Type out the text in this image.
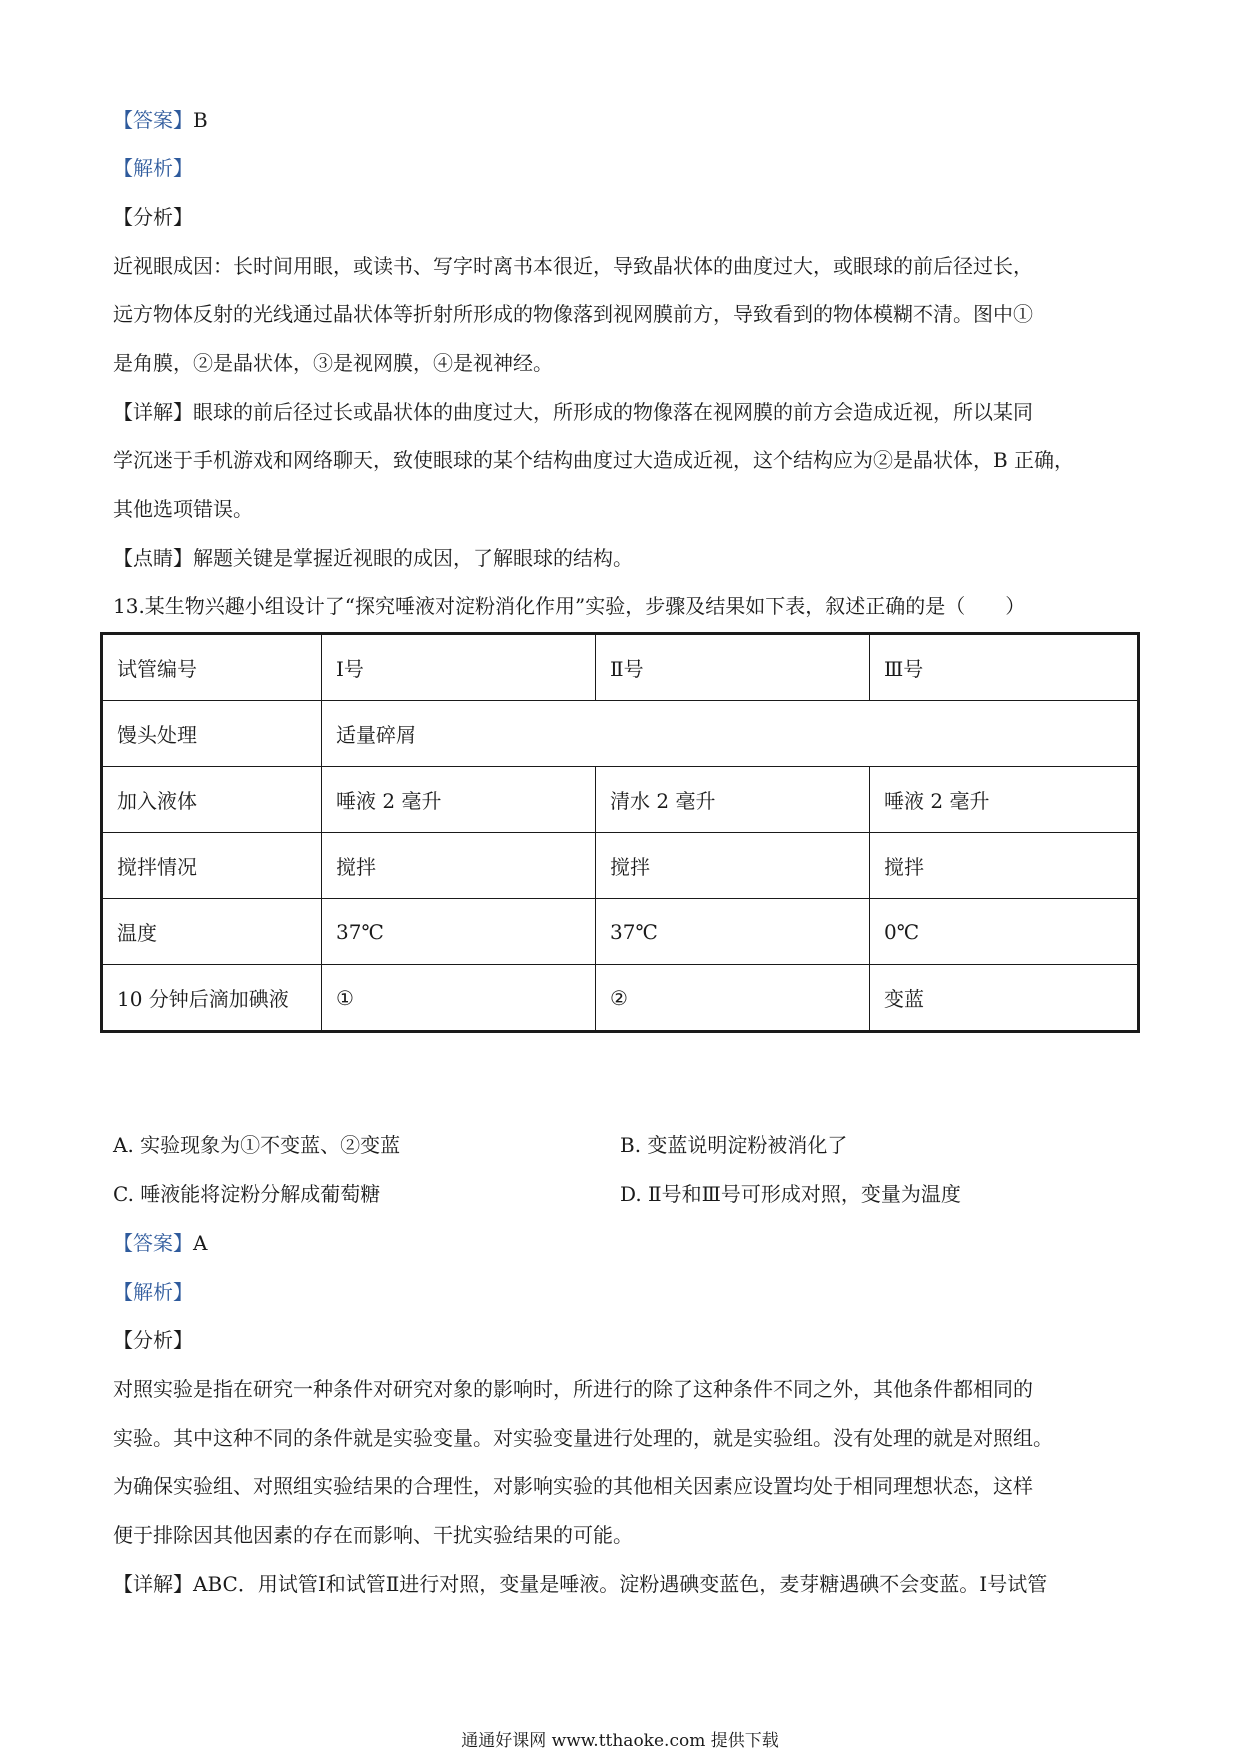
【答案】B
【解析】
【分析】
近视眼成因：长时间用眼，或读书、写字时离书本很近，导致晶状体的曲度过大，或眼球的前后径过长，
远方物体反射的光线通过晶状体等折射所形成的物像落到视网膜前方，导致看到的物体模糊不清。图中①
是角膜，②是晶状体，③是视网膜，④是视神经。
【详解】眼球的前后径过长或晶状体的曲度过大，所形成的物像落在视网膜的前方会造成近视，所以某同
学沉迷于手机游戏和网络聊天，致使眼球的某个结构曲度过大造成近视，这个结构应为②是晶状体，B 正确，
其他选项错误。
【点睛】解题关键是掌握近视眼的成因，了解眼球的结构。
13.某生物兴趣小组设计了“探究唾液对淀粉消化作用”实验，步骤及结果如下表，叙述正确的是（　　）
试管编号	Ⅰ号	Ⅱ号	Ⅲ号
馒头处理	适量碎屑		
加入液体	唾液 2 毫升	清水 2 毫升	唾液 2 毫升
搅拌情况	搅拌	搅拌	搅拌
温度	37℃	37℃	0℃
10 分钟后滴加碘液	①	②	变蓝
A. 实验现象为①不变蓝、②变蓝	B. 变蓝说明淀粉被消化了
C. 唾液能将淀粉分解成葡萄糖	D. Ⅱ号和Ⅲ号可形成对照，变量为温度
【答案】A
【解析】
【分析】
对照实验是指在研究一种条件对研究对象的影响时，所进行的除了这种条件不同之外，其他条件都相同的
实验。其中这种不同的条件就是实验变量。对实验变量进行处理的，就是实验组。没有处理的就是对照组。
为确保实验组、对照组实验结果的合理性，对影响实验的其他相关因素应设置均处于相同理想状态，这样
便于排除因其他因素的存在而影响、干扰实验结果的可能。
【详解】ABC．用试管Ⅰ和试管Ⅱ进行对照，变量是唾液。淀粉遇碘变蓝色，麦芽糖遇碘不会变蓝。Ⅰ号试管
通通好课网 www.tthaoke.com 提供下载
